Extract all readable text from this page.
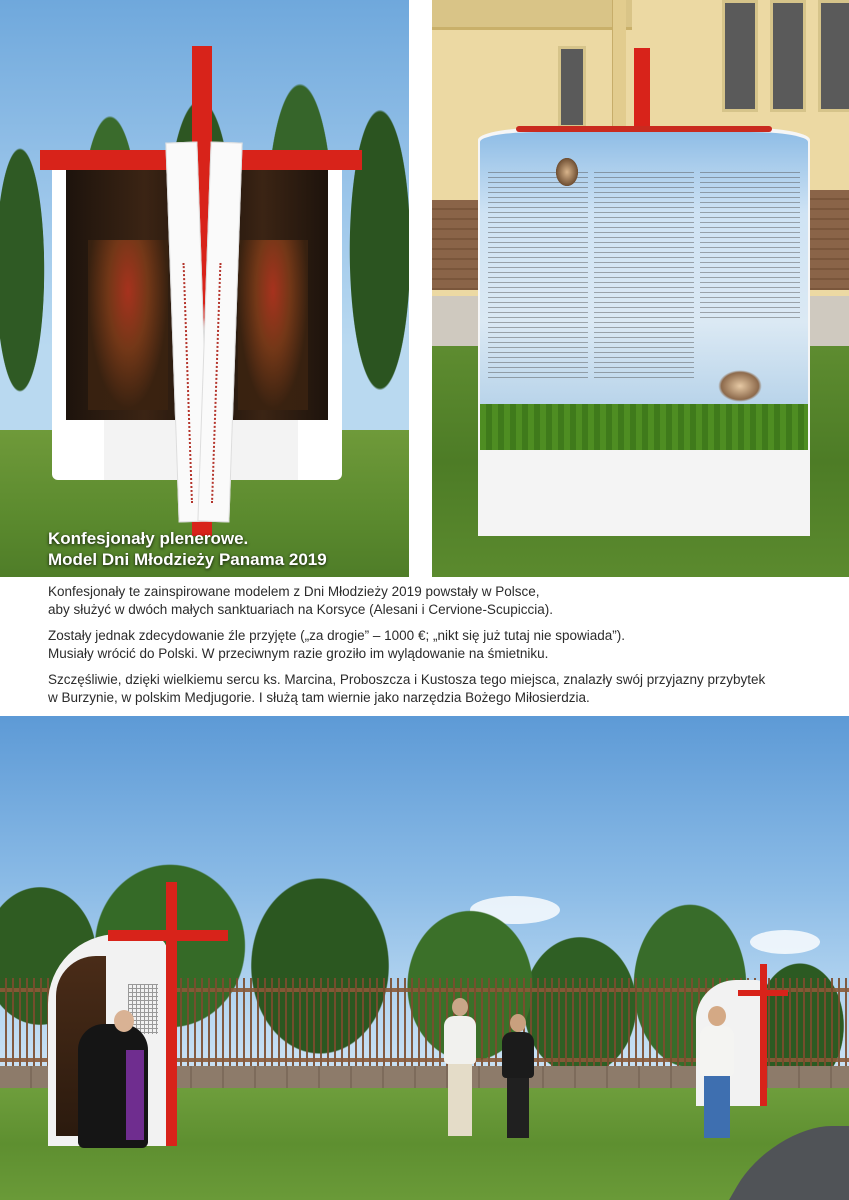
Konfesjonały plenerowe.
Model Dni Młodzieży Panama 2019

Konfesjonały te zainspirowane modelem z Dni Młodzieży 2019 powstały w Polsce,
aby służyć w dwóch małych sanktuariach na Korsyce (Alesani i Cervione-Scupiccia).

Zostały jednak zdecydowanie źle przyjęte („za drogie” – 1000 €; „nikt się już tutaj nie spowiada”).
Musiały wrócić do Polski. W przeciwnym razie groziło im wylądowanie na śmietniku.

Szczęśliwie, dzięki wielkiemu sercu ks. Marcina, Proboszcza i Kustosza tego miejsca, znalazły swój przyjazny przybytek
w Burzynie, w polskim Medjugorie. I służą tam wiernie jako narzędzia Bożego Miłosierdzia.
